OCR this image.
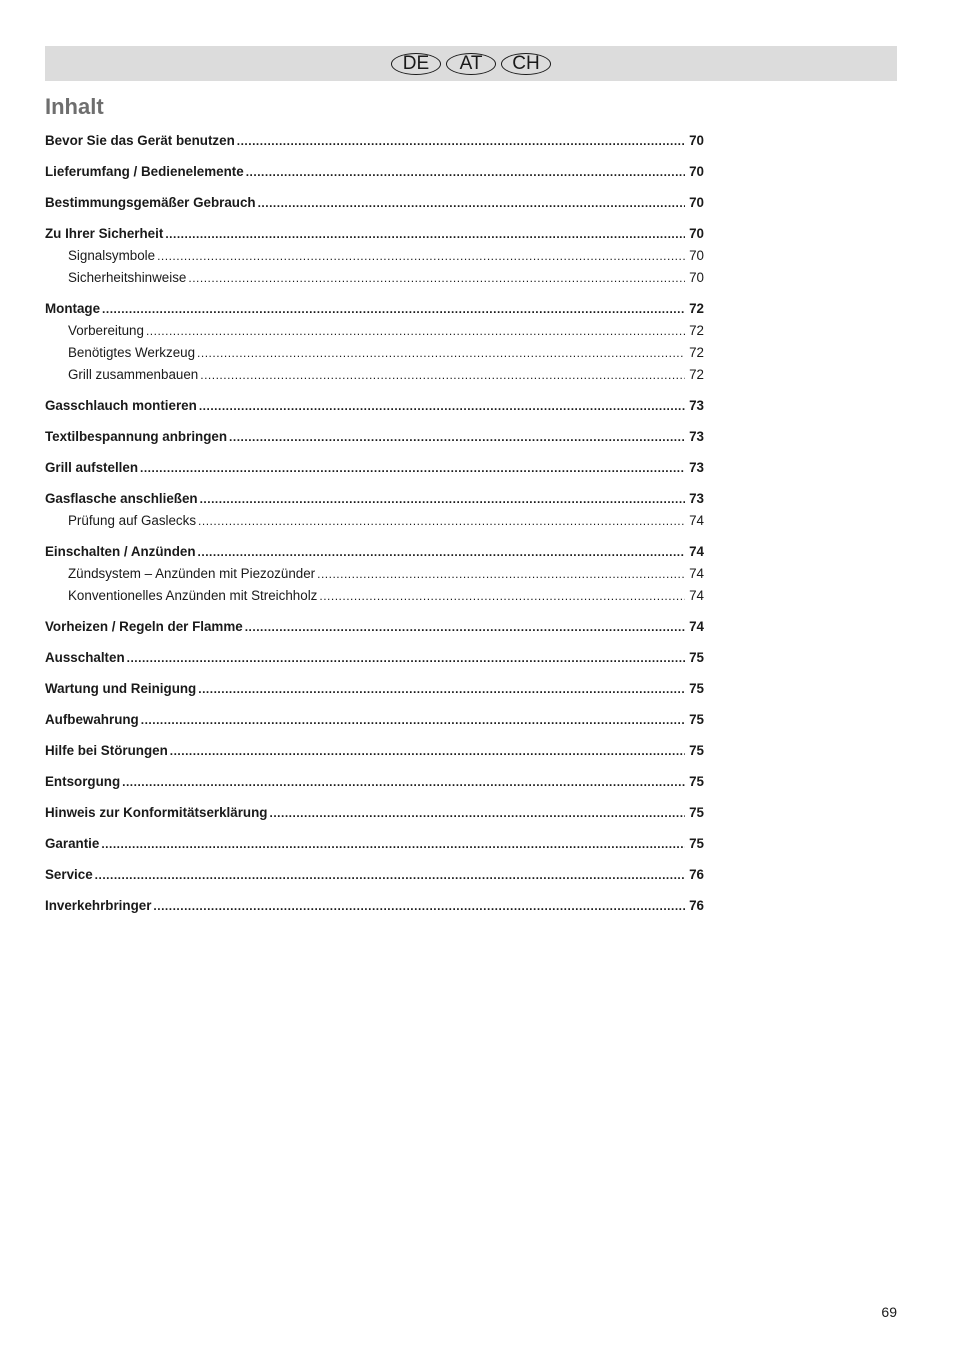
DE	AT	CH
Inhalt
Bevor Sie das Gerät benutzen .....	70
Lieferumfang / Bedienelemente .....	70
Bestimmungsgemäßer Gebrauch .....	70
Zu Ihrer Sicherheit .....	70
Signalsymbole .....	70
Sicherheitshinweise .....	70
Montage .....	72
Vorbereitung .....	72
Benötigtes Werkzeug .....	72
Grill zusammenbauen .....	72
Gasschlauch montieren .....	73
Textilbespannung anbringen .....	73
Grill aufstellen .....	73
Gasflasche anschließen .....	73
Prüfung auf Gaslecks .....	74
Einschalten / Anzünden .....	74
Zündsystem – Anzünden mit Piezozünder .....	74
Konventionelles Anzünden mit Streichholz .....	74
Vorheizen / Regeln der Flamme .....	74
Ausschalten .....	75
Wartung und Reinigung .....	75
Aufbewahrung .....	75
Hilfe bei Störungen .....	75
Entsorgung .....	75
Hinweis zur Konformitätserklärung .....	75
Garantie .....	75
Service .....	76
Inverkehrbringer .....	76
69
